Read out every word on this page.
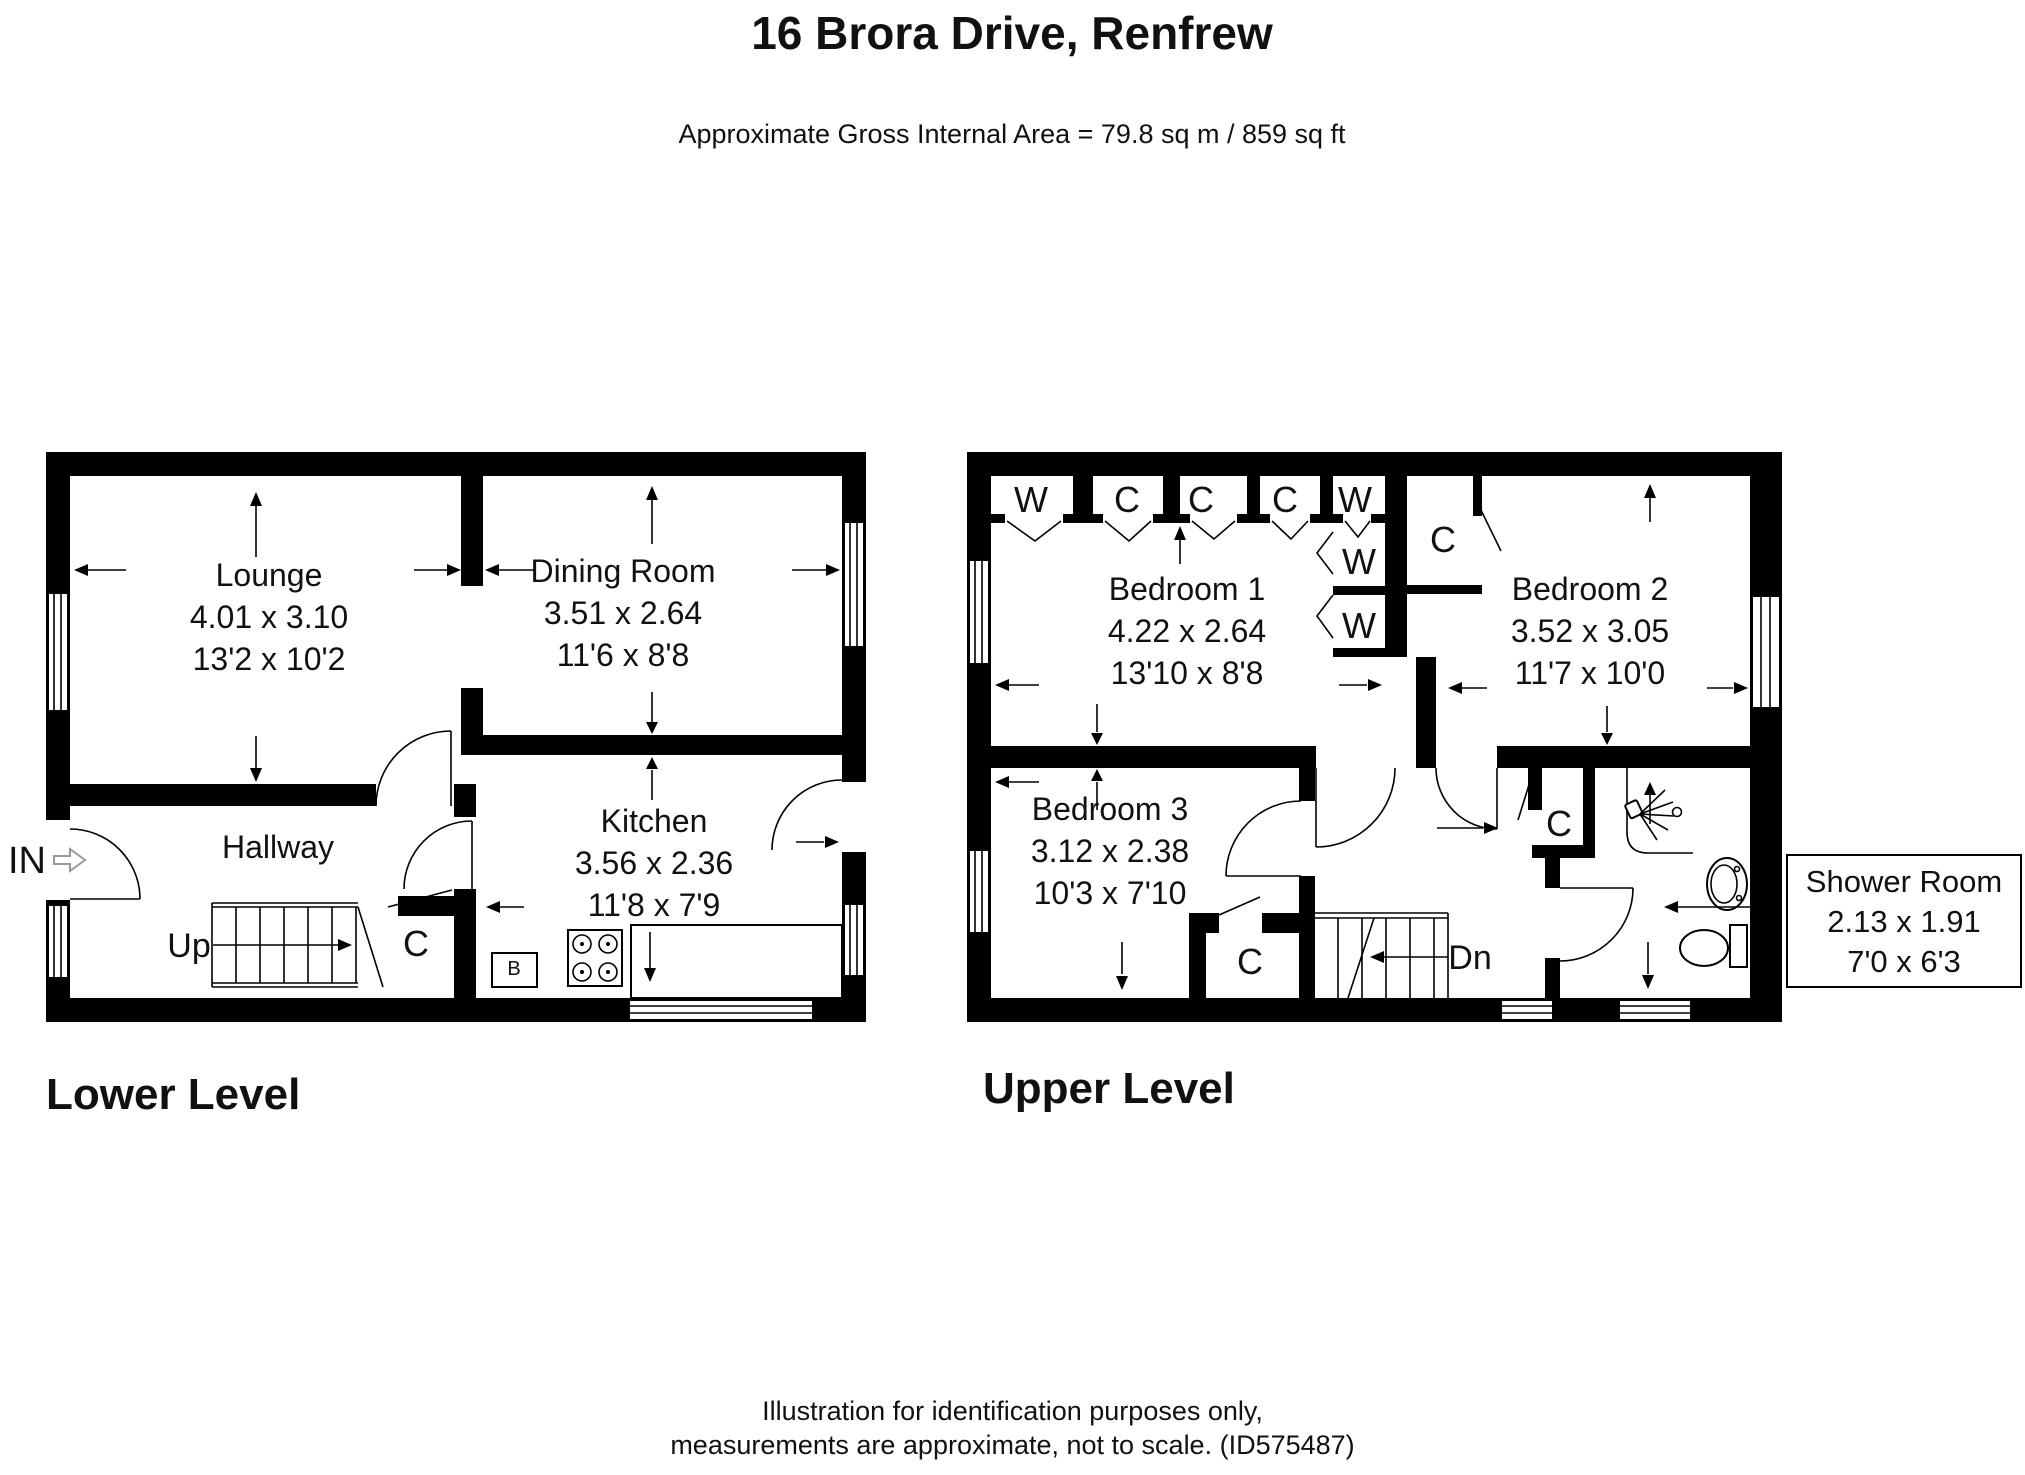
16 Brora Drive, Renfrew
Approximate Gross Internal Area = 79.8 sq m / 859 sq ft
Lounge
4.01 x 3.10
13'2 x 10'2
Dining Room
3.51 x 2.64
11'6 x 8'8
Kitchen
3.56 x 2.36
11'8 x 7'9
Hallway
Up	C
B
IN
Bedroom 1
4.22 x 2.64
13'10 x 8'8
Bedroom 2
3.52 x 3.05
11'7 x 10'0
Bedroom 3
3.12 x 2.38
10'3 x 7'10
W C C C W
W
W
C
C
C
Dn
Shower Room
2.13 x 1.91
7'0 x 6'3
Lower Level	Upper Level
Illustration for identification purposes only,
measurements are approximate, not to scale. (ID575487)
